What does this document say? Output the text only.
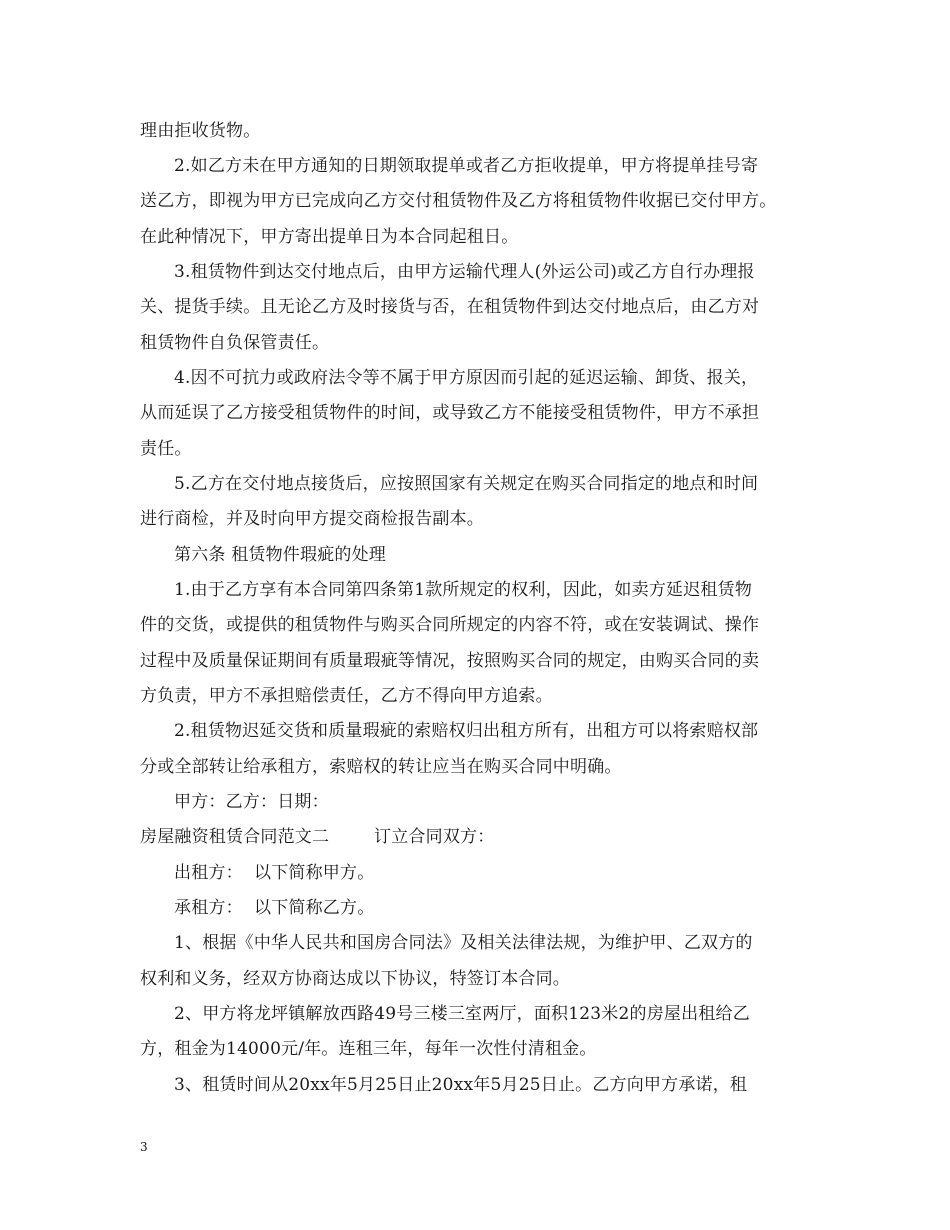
理由拒收货物。
2.如乙方未在甲方通知的日期领取提单或者乙方拒收提单，甲方将提单挂号寄
送乙方，即视为甲方已完成向乙方交付租赁物件及乙方将租赁物件收据已交付甲方。
在此种情况下，甲方寄出提单日为本合同起租日。
3.租赁物件到达交付地点后，由甲方运输代理人(外运公司)或乙方自行办理报
关、提货手续。且无论乙方及时接货与否，在租赁物件到达交付地点后，由乙方对
租赁物件自负保管责任。
4.因不可抗力或政府法令等不属于甲方原因而引起的延迟运输、卸货、报关，
从而延误了乙方接受租赁物件的时间，或导致乙方不能接受租赁物件，甲方不承担
责任。
5.乙方在交付地点接货后，应按照国家有关规定在购买合同指定的地点和时间
进行商检，并及时向甲方提交商检报告副本。
第六条 租赁物件瑕疵的处理
1.由于乙方享有本合同第四条第1款所规定的权利，因此，如卖方延迟租赁物
件的交货，或提供的租赁物件与购买合同所规定的内容不符，或在安装调试、操作
过程中及质量保证期间有质量瑕疵等情况，按照购买合同的规定，由购买合同的卖
方负责，甲方不承担赔偿责任，乙方不得向甲方追索。
2.租赁物迟延交货和质量瑕疵的索赔权归出租方所有，出租方可以将索赔权部
分或全部转让给承租方，索赔权的转让应当在购买合同中明确。
甲方：乙方：日期：
房屋融资租赁合同范文二        订立合同双方：
出租方：  以下简称甲方。
承租方：  以下简称乙方。
1、根据《中华人民共和国房合同法》及相关法律法规，为维护甲、乙双方的
权利和义务，经双方协商达成以下协议，特签订本合同。
2、甲方将龙坪镇解放西路49号三楼三室两厅，面积123米2的房屋出租给乙
方，租金为14000元/年。连租三年，每年一次性付清租金。
3、租赁时间从20xx年5月25日止20xx年5月25日止。乙方向甲方承诺，租
3
